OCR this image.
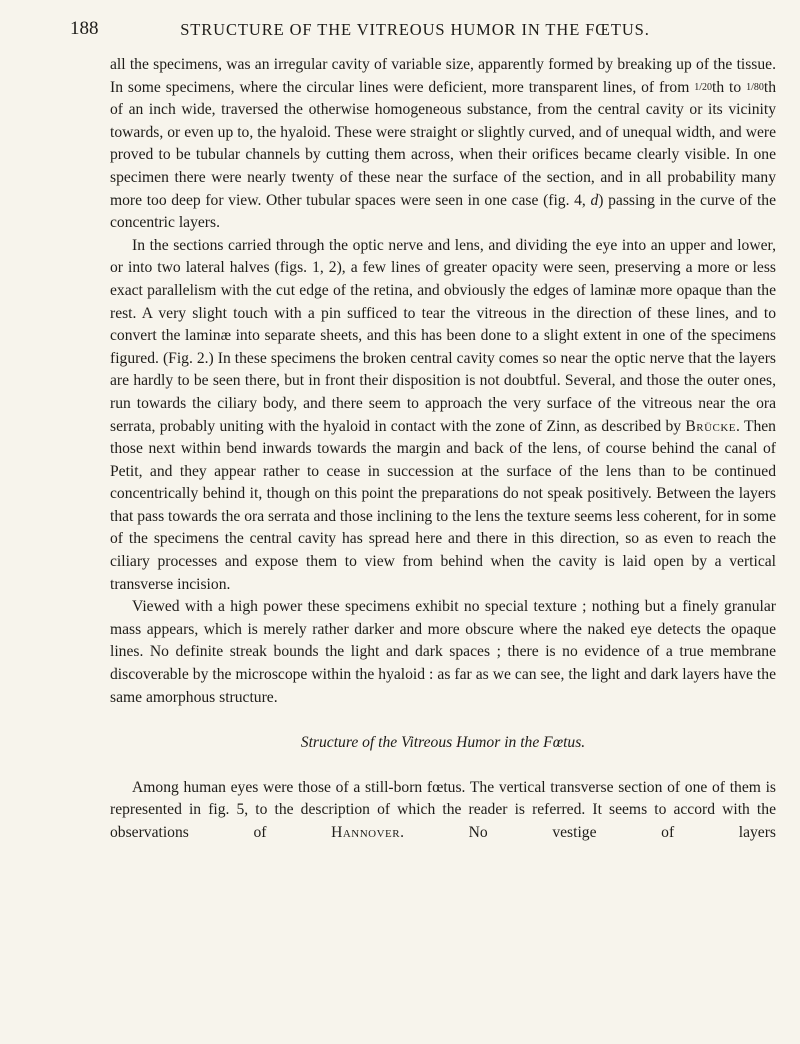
188	STRUCTURE OF THE VITREOUS HUMOR IN THE FŒTUS.

all the specimens, was an irregular cavity of variable size, apparently formed by breaking up of the tissue. In some specimens, where the circular lines were deficient, more transparent lines, of from 1/20th to 1/80th of an inch wide, traversed the otherwise homogeneous substance, from the central cavity or its vicinity towards, or even up to, the hyaloid. These were straight or slightly curved, and of unequal width, and were proved to be tubular channels by cutting them across, when their orifices became clearly visible. In one specimen there were nearly twenty of these near the surface of the section, and in all probability many more too deep for view. Other tubular spaces were seen in one case (fig. 4, d) passing in the curve of the concentric layers.

In the sections carried through the optic nerve and lens, and dividing the eye into an upper and lower, or into two lateral halves (figs. 1, 2), a few lines of greater opacity were seen, preserving a more or less exact parallelism with the cut edge of the retina, and obviously the edges of laminæ more opaque than the rest. A very slight touch with a pin sufficed to tear the vitreous in the direction of these lines, and to convert the laminæ into separate sheets, and this has been done to a slight extent in one of the specimens figured. (Fig. 2.) In these specimens the broken central cavity comes so near the optic nerve that the layers are hardly to be seen there, but in front their disposition is not doubtful. Several, and those the outer ones, run towards the ciliary body, and there seem to approach the very surface of the vitreous near the ora serrata, probably uniting with the hyaloid in contact with the zone of Zinn, as described by Brücke. Then those next within bend inwards towards the margin and back of the lens, of course behind the canal of Petit, and they appear rather to cease in succession at the surface of the lens than to be continued concentrically behind it, though on this point the preparations do not speak positively. Between the layers that pass towards the ora serrata and those inclining to the lens the texture seems less coherent, for in some of the specimens the central cavity has spread here and there in this direction, so as even to reach the ciliary processes and expose them to view from behind when the cavity is laid open by a vertical transverse incision.

Viewed with a high power these specimens exhibit no special texture ; nothing but a finely granular mass appears, which is merely rather darker and more obscure where the naked eye detects the opaque lines. No definite streak bounds the light and dark spaces ; there is no evidence of a true membrane discoverable by the microscope within the hyaloid : as far as we can see, the light and dark layers have the same amorphous structure.

Structure of the Vitreous Humor in the Fœtus.

Among human eyes were those of a still-born fœtus. The vertical transverse section of one of them is represented in fig. 5, to the description of which the reader is referred. It seems to accord with the observations of Hannover. No vestige of layers
